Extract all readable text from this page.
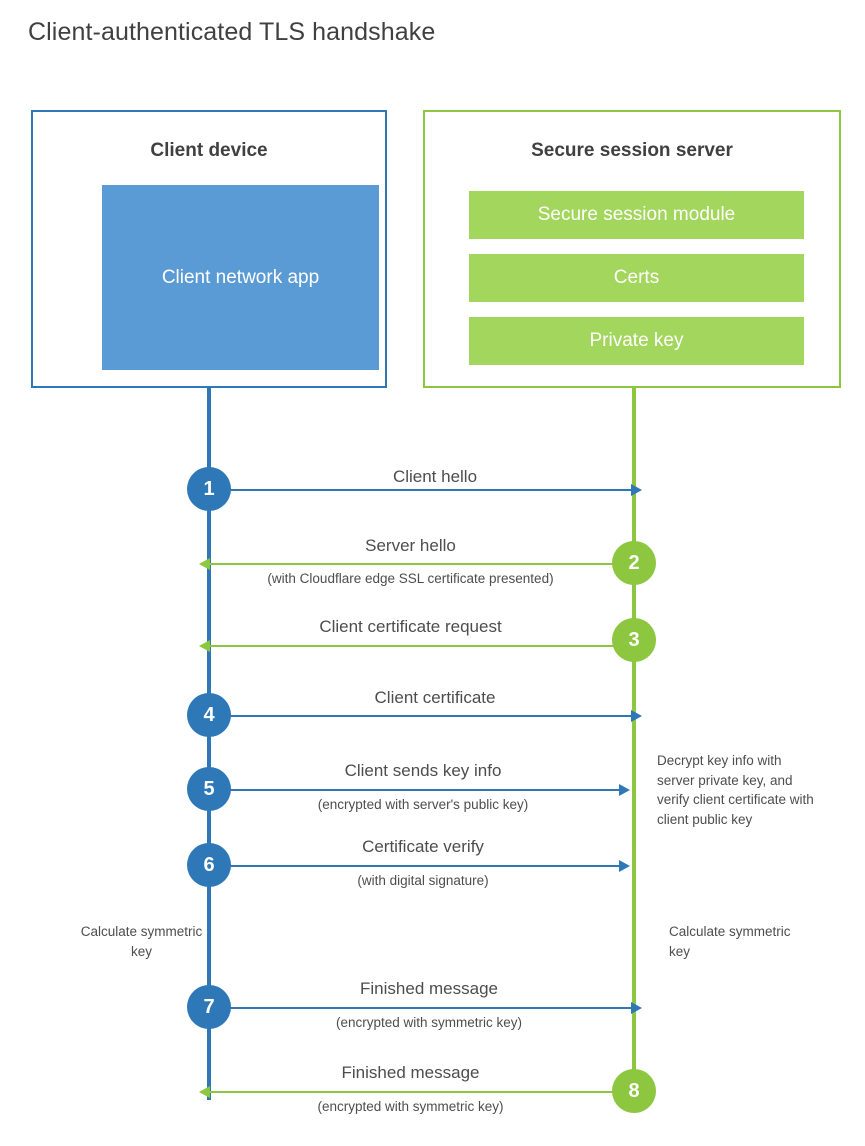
Client-authenticated TLS handshake
Client device
Client network app
Secure session server
Secure session module
Certs
Private key
1
Client hello
2
Server hello
(with Cloudflare edge SSL certificate presented)
3
Client certificate request
4
Client certificate
5
Client sends key info
(encrypted with server's public key)
6
Certificate verify
(with digital signature)
Decrypt key info with server private key, and verify client certificate with client public key
Calculate symmetric key
Calculate symmetric key
7
Finished message
(encrypted with symmetric key)
8
Finished message
(encrypted with symmetric key)
